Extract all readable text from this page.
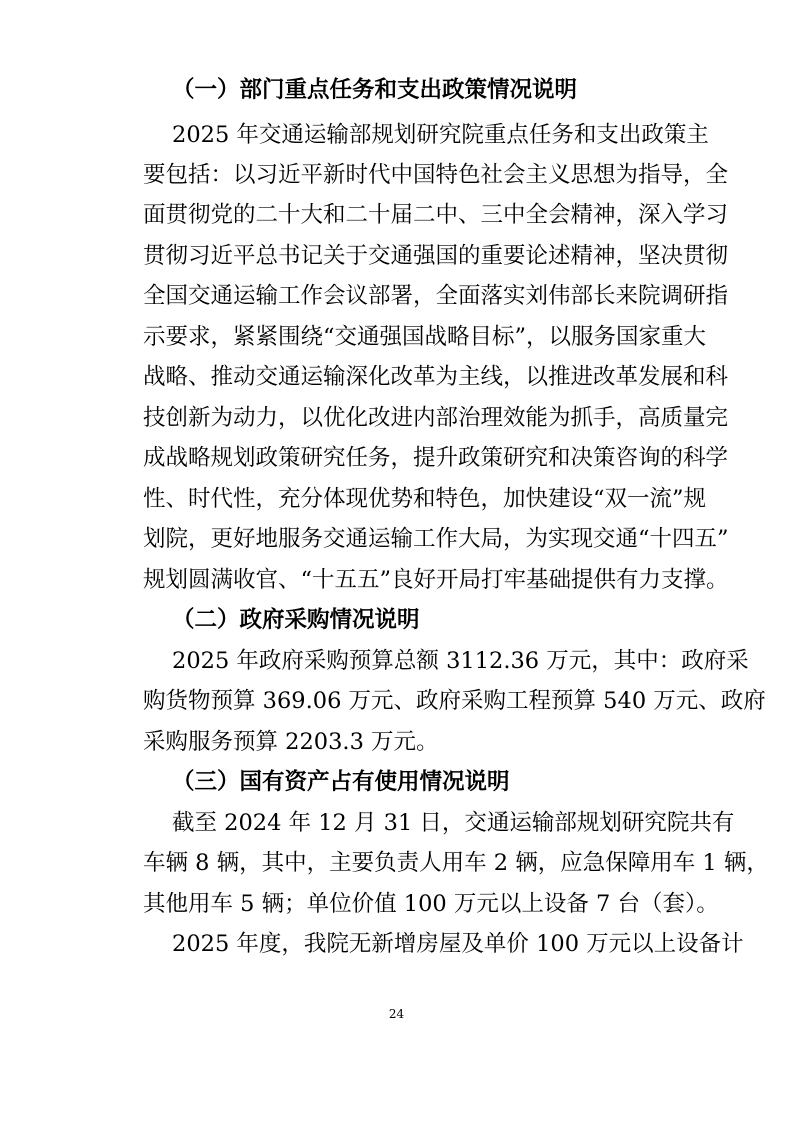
（一）部门重点任务和支出政策情况说明
2025 年交通运输部规划研究院重点任务和支出政策主
要包括：以习近平新时代中国特色社会主义思想为指导，全
面贯彻党的二十大和二十届二中、三中全会精神，深入学习
贯彻习近平总书记关于交通强国的重要论述精神，坚决贯彻
全国交通运输工作会议部署，全面落实刘伟部长来院调研指
示要求，紧紧围绕“交通强国战略目标”，以服务国家重大
战略、推动交通运输深化改革为主线，以推进改革发展和科
技创新为动力，以优化改进内部治理效能为抓手，高质量完
成战略规划政策研究任务，提升政策研究和决策咨询的科学
性、时代性，充分体现优势和特色，加快建设“双一流”规
划院，更好地服务交通运输工作大局，为实现交通“十四五”
规划圆满收官、“十五五”良好开局打牢基础提供有力支撑。
（二）政府采购情况说明
2025 年政府采购预算总额 3112.36 万元，其中：政府采
购货物预算 369.06 万元、政府采购工程预算 540 万元、政府
采购服务预算 2203.3 万元。
（三）国有资产占有使用情况说明
截至 2024 年 12 月 31 日，交通运输部规划研究院共有
车辆 8 辆，其中，主要负责人用车 2 辆，应急保障用车 1 辆，
其他用车 5 辆；单位价值 100 万元以上设备 7 台（套）。
2025 年度，我院无新增房屋及单价 100 万元以上设备计
24
